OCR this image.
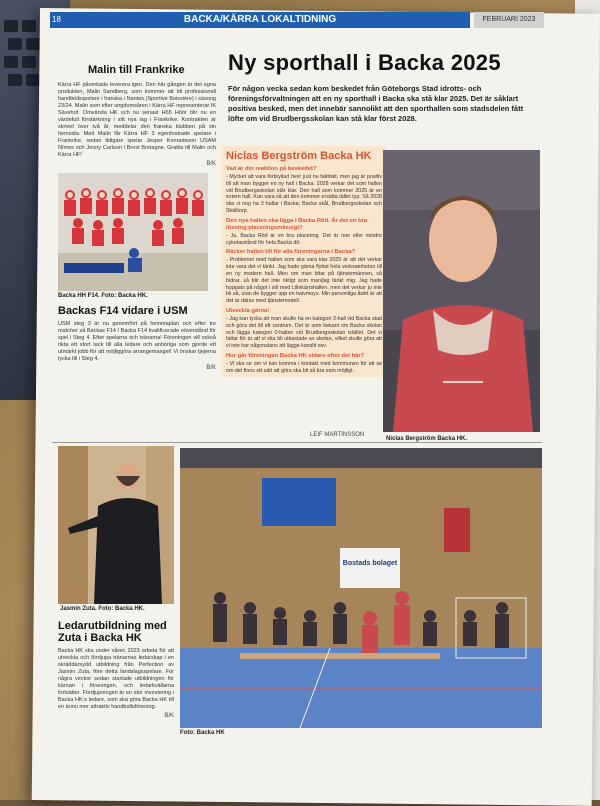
BACKA/KÄRRA LOKALTIDNING
18	FEBRUARI 2023
Malin till Frankrike
Kärra HF påverkade leverera igen. Den här gången är det egna produkten, Malin Sandberg, som kommer att bli professionell handbollsspelare i franska i Nantes (Sportive Boissière) i säsong 23/24. Malin som efter ungdomsåren i Kärra HF representerar IK Sävehof. Omvända HK och nu senast H65 Höör blir nu en värdefull förstärkning i sitt nya lag i Frankrike. Kontrakten är skrivet över två år, meddelar den franska klubben på sin hemsida. Med Malin får Kärra HF 3 egenfostrade spelare i Frankrike, sedan tidigare spelar Jesper Konradsson USAM Nîmes och Jenny Carlson i Brest Bretagne. Grattis till Malin och Kärra HF!
B/K
Backa HH F14. Foto: Backa HK.
Backas F14 vidare i USM
USM steg 3 är nu genomfört på hemmaplan och efter tre matcher så Backas F14 / Backa F14 kvalificerade oöverstånd för spel i Steg 4. Efter spelarna och tränarna! Föreningen vill också rikta ett stort tack till alla ledare och anhöriga som gjorde ett utmärkt jobb för att möjliggöra arrangemanget! Vi önskar tjejerna lycka till i Steg 4.
B/K
Ny sporthall i Backa 2025
För någon vecka sedan kom beskedet från Göteborgs Stad idrotts- och föreningsförvaltningen att en ny sporthall i Backa ska stå klar 2025. Det är såklart positiva besked, men det innebär sannolikt att den sporthallen som stadsdelen fått löfte om vid Brudbergsskolan kan stå klar först 2028.
Niclas Bergström Backa HK
Vad är din reaktion på beskedet?
- Mycket att vara förbryllad över just nu faktiskt, men jag är positiv till att man bygger en ny hall i Backa. 2028 verkar det som hallen vid Brudbergsskolan står klar. Den hall som kommer 2025 är en extern hall. Kan vara så att den kommer ersätta tältet typ. Så 2028 ska vi nog ha 3 hallar i Backa; Backa skål, Brudbergsskolan och Skälltorp.
Den nya hallen ska ligga i Backa Röd. Är det en bra lösning placeringsmässigt?
- Ja, Backa Röd är en bra placering. Det är mer eller mindre cykelavstånd för hela Backa dit.
Räcker hallen till för alla föreningarna i Backa?
- Problemet med hallen som ska vara klar 2025 är att det verkar inte vara det vi tänkt. Jag hade gärna flyttat hela verksamheten till en ny modern hall. Men om man tittar på tjänstemännen, så bidrar, så blir det inte riktigt som man/jag tänkt mig. Jag hade hoppats på något i stil med Lillekärrshallen, men det verkar ju inte bli så, utan de bygger upp en halvmoys. Min personliga åsikt är att det är därav med tjänstemodell.
Utveckla gärna!
- Jag kan tycka att man skulle ha en kategori 3-hall vid Backa stad och göra det till ett centrum. Det är som bekant om Backa skolan och lägga kategori 0-hallen vid Brudbergsskolan istället. Det vi fattar för är att vi ska bli utkastade av skolan, vilket skulle göra att vi inte har någonstans att lägga kanslit osv.
Hur går föreningen Backa HK vidare efter det här?
- Vi ska se om vi kan komma i kontakt med kommunen för att se om det finns ett sätt att göra ska bli så bra som möjligt.
LEIF MARTINSSON
Niclas Bergström Backa HK.
Jasmin Zuta. Foto: Backa HK.
Ledarutbildning med Zuta i Backa HK
Backa HK ska under våren 2023 arbeta för att utveckla och fördjupa tränarnas ledarskap i en skräddarsydd utbildning från Perfection av Jasmin Zuta, före detta landslagsspelare. För några veckor sedan startade utbildningen för kärnan i föreningen, och ledarkvällarna fortsätter. Fördjupningen är en stor investering i Backa HK:s ledare, som ska göra Backa HK till en ännu mer attraktiv handbollsförening.
B/K
Bostads bolaget
Foto: Backa HK
